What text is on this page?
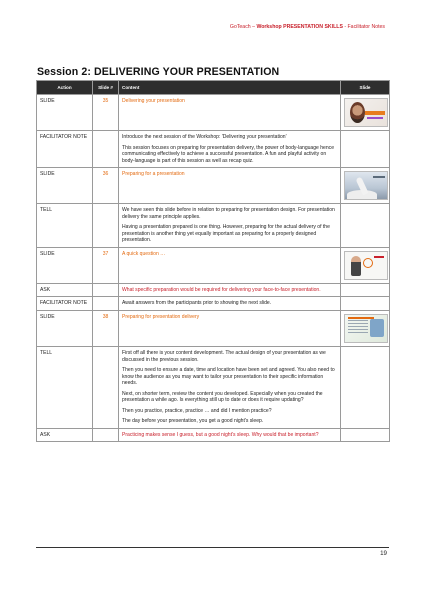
GoTeach – Workshop PRESENTATION SKILLS - Facilitator Notes
Session 2: DELIVERING YOUR PRESENTATION
Action	Slide #	Content	Slide
SLIDE	35	Delivering your presentation	

FACILITATOR NOTE		Introduce the next session of the Workshop: 'Delivering your presentation'

This session focuses on preparing for presentation delivery, the power of body-language hence communicating effectively to achieve a successful presentation. A fun and playful activity on body-language is part of this session as well as recap quiz.	

SLIDE	36	Preparing for a presentation	

TELL		We have seen this slide before in relation to preparing for presentation design. For presentation delivery the same principle applies.

Having a presentation prepared is one thing. However, preparing for the actual delivery of the presentation is another thing yet equally important as preparing for a properly designed presentation.	

SLIDE	37	A quick question …	

ASK		What specific preparation would be required for delivering your face-to-face presentation.	

FACILITATOR NOTE		Await answers from the participants prior to showing the next slide.	

SLIDE	38	Preparing for presentation delivery	

TELL		First off all there is your content development. The actual design of your presentation as we discussed in the previous session.

Then you need to ensure a date, time and location have been set and agreed. You also need to know the audience as you may want to tailor your presentation to their specific information needs.

Next, on shorter term, review the content you developed. Especially when you created the presentation a while ago. Is everything still up to date or does it require updating?

Then you practice, practice, practice … and did I mention practice?

The day before your presentation, you get a good night's sleep.	

ASK		Practicing makes sense I guess, but a good night's sleep. Why would that be important?	

19
